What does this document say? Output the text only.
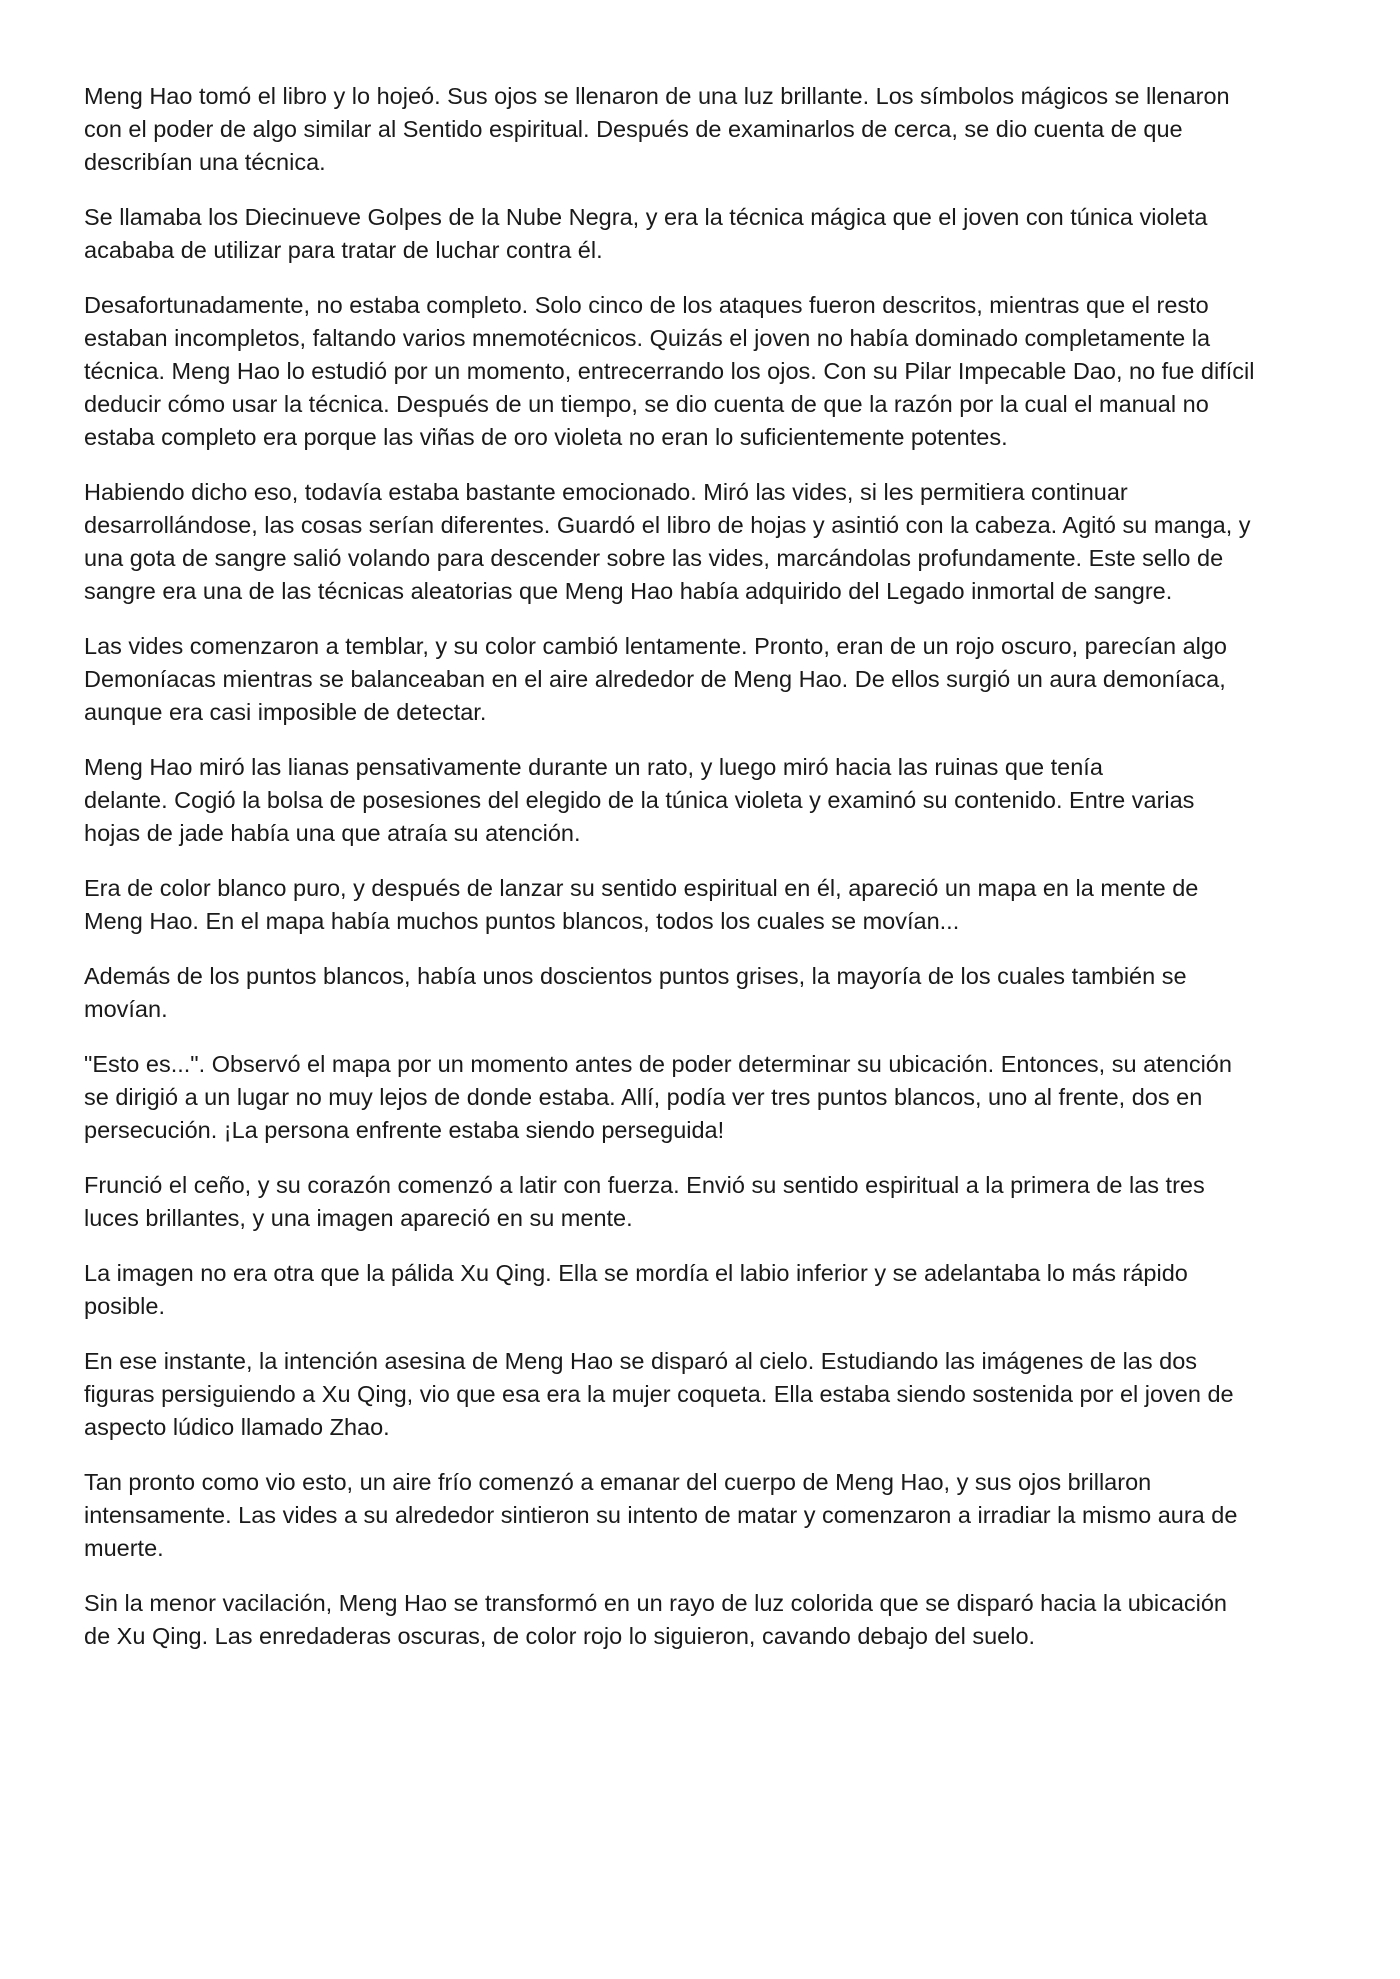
Meng Hao tomó el libro y lo hojeó. Sus ojos se llenaron de una luz brillante. Los símbolos mágicos se llenaron
con el poder de algo similar al Sentido espiritual. Después de examinarlos de cerca, se dio cuenta de que
describían una técnica.

Se llamaba los Diecinueve Golpes de la Nube Negra, y era la técnica mágica que el joven con túnica violeta
acababa de utilizar para tratar de luchar contra él.

Desafortunadamente, no estaba completo. Solo cinco de los ataques fueron descritos, mientras que el resto
estaban incompletos, faltando varios mnemotécnicos. Quizás el joven no había dominado completamente la
técnica. Meng Hao lo estudió por un momento, entrecerrando los ojos. Con su Pilar Impecable Dao, no fue difícil
deducir cómo usar la técnica. Después de un tiempo, se dio cuenta de que la razón por la cual el manual no
estaba completo era porque las viñas de oro violeta no eran lo suficientemente potentes.

Habiendo dicho eso, todavía estaba bastante emocionado. Miró las vides, si les permitiera continuar
desarrollándose, las cosas serían diferentes. Guardó el libro de hojas y asintió con la cabeza. Agitó su manga, y
una gota de sangre salió volando para descender sobre las vides, marcándolas profundamente. Este sello de
sangre era una de las técnicas aleatorias que Meng Hao había adquirido del Legado inmortal de sangre.

Las vides comenzaron a temblar, y su color cambió lentamente. Pronto, eran de un rojo oscuro, parecían algo
Demoníacas mientras se balanceaban en el aire alrededor de Meng Hao. De ellos surgió un aura demoníaca,
aunque era casi imposible de detectar.

Meng Hao miró las lianas pensativamente durante un rato, y luego miró hacia las ruinas que tenía
delante. Cogió la bolsa de posesiones del elegido de la túnica violeta y examinó su contenido. Entre varias
hojas de jade había una que atraía su atención.

Era de color blanco puro, y después de lanzar su sentido espiritual en él, apareció un mapa en la mente de
Meng Hao. En el mapa había muchos puntos blancos, todos los cuales se movían...

Además de los puntos blancos, había unos doscientos puntos grises, la mayoría de los cuales también se
movían.

"Esto es...". Observó el mapa por un momento antes de poder determinar su ubicación. Entonces, su atención
se dirigió a un lugar no muy lejos de donde estaba. Allí, podía ver tres puntos blancos, uno al frente, dos en
persecución. ¡La persona enfrente estaba siendo perseguida!

Frunció el ceño, y su corazón comenzó a latir con fuerza. Envió su sentido espiritual a la primera de las tres
luces brillantes, y una imagen apareció en su mente.

La imagen no era otra que la pálida Xu Qing. Ella se mordía el labio inferior y se adelantaba lo más rápido
posible.

En ese instante, la intención asesina de Meng Hao se disparó al cielo. Estudiando las imágenes de las dos
figuras persiguiendo a Xu Qing, vio que esa era la mujer coqueta. Ella estaba siendo sostenida por el joven de
aspecto lúdico llamado Zhao.

Tan pronto como vio esto, un aire frío comenzó a emanar del cuerpo de Meng Hao, y sus ojos brillaron
intensamente. Las vides a su alrededor sintieron su intento de matar y comenzaron a irradiar la mismo aura de
muerte.

Sin la menor vacilación, Meng Hao se transformó en un rayo de luz colorida que se disparó hacia la ubicación
de Xu Qing. Las enredaderas oscuras, de color rojo lo siguieron, cavando debajo del suelo.
